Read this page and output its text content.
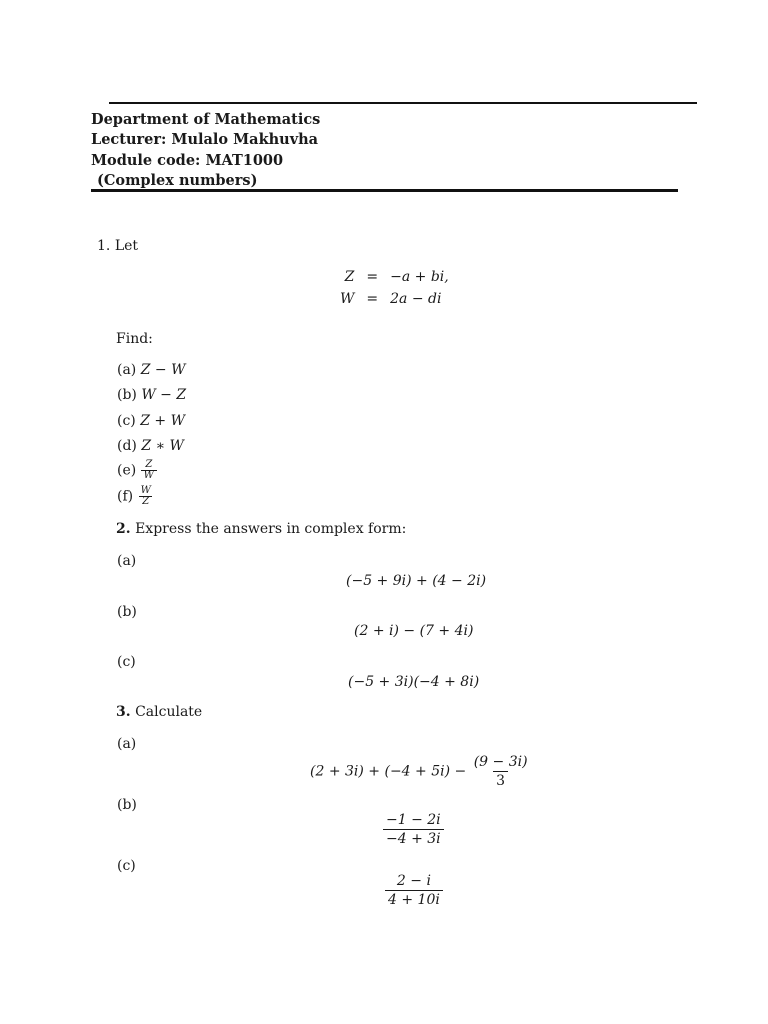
Department of Mathematics
Lecturer: Mulalo Makhuvha
Module code: MAT1000
(Complex numbers)
1. Let
Z	=	−a + bi,
W	=	2a − di
Find:
(a) Z − W
(b) W − Z
(c) Z + W
(d) Z ∗ W
$(e) \frac{Z}{W}$
$(f) \frac{W}{Z}$
2. Express the answers in complex form:
(a)
(−5 + 9i) + (4 − 2i)
(b)
(2 + i) − (7 + 4i)
(c)
(−5 + 3i)(−4 + 8i)
3. Calculate
(a)
$(2 + 3i) + (-4 + 5i) - \frac{(9 - 3i)}{3}$
(b)
$\frac{-1 - 2i}{-4 + 3i}$
(c)
$\frac{2 - i}{4 + 10i}$
